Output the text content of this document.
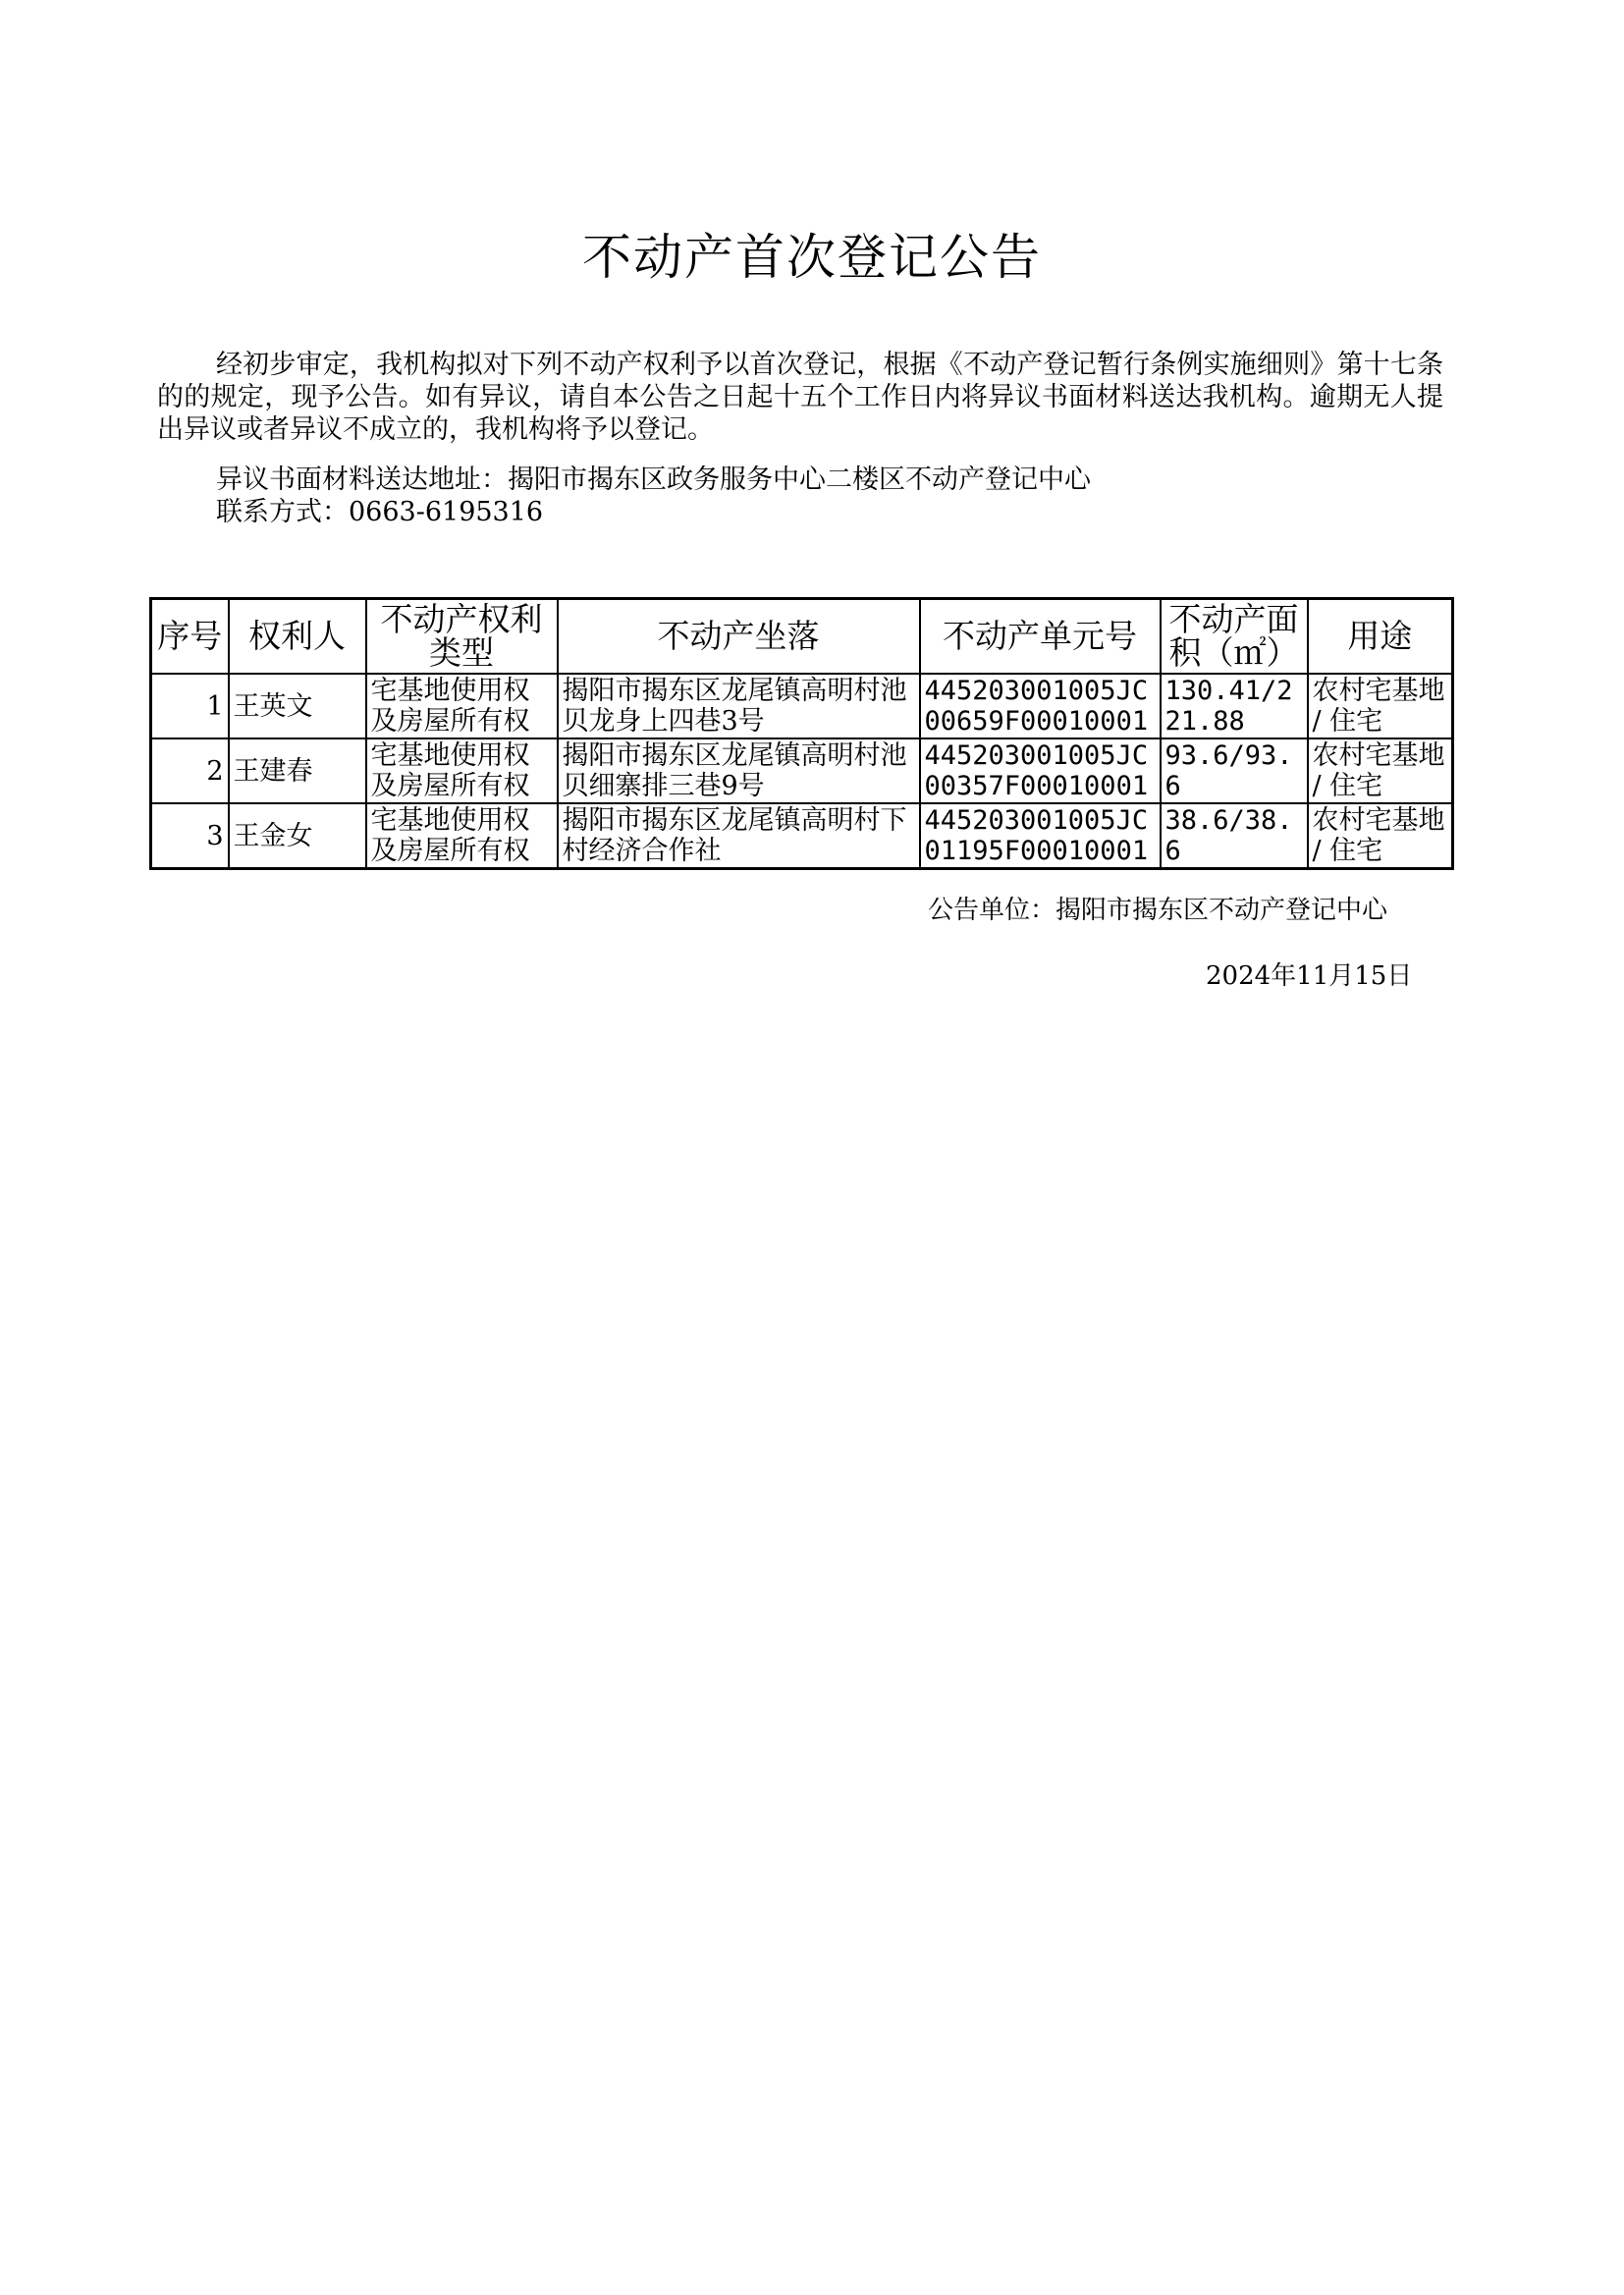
不动产首次登记公告
经初步审定，我机构拟对下列不动产权利予以首次登记，根据《不动产登记暂行条例实施细则》第十七条的的规定，现予公告。如有异议，请自本公告之日起十五个工作日内将异议书面材料送达我机构。逾期无人提出异议或者异议不成立的，我机构将予以登记。
异议书面材料送达地址：揭阳市揭东区政务服务中心二楼区不动产登记中心
联系方式：0663-6195316
序号	权利人	不动产权利类型	不动产坐落	不动产单元号	不动产面积（㎡）	用途
1	王英文	宅基地使用权及房屋所有权	揭阳市揭东区龙尾镇高明村池贝龙身上四巷3号	445203001005JC00659F00010001	130.41/221.88	农村宅基地 / 住宅
2	王建春	宅基地使用权及房屋所有权	揭阳市揭东区龙尾镇高明村池贝细寨排三巷9号	445203001005JC00357F00010001	93.6/93.6	农村宅基地 / 住宅
3	王金女	宅基地使用权及房屋所有权	揭阳市揭东区龙尾镇高明村下村经济合作社	445203001005JC01195F00010001	38.6/38.6	农村宅基地 / 住宅
公告单位：揭阳市揭东区不动产登记中心
2024年11月15日
